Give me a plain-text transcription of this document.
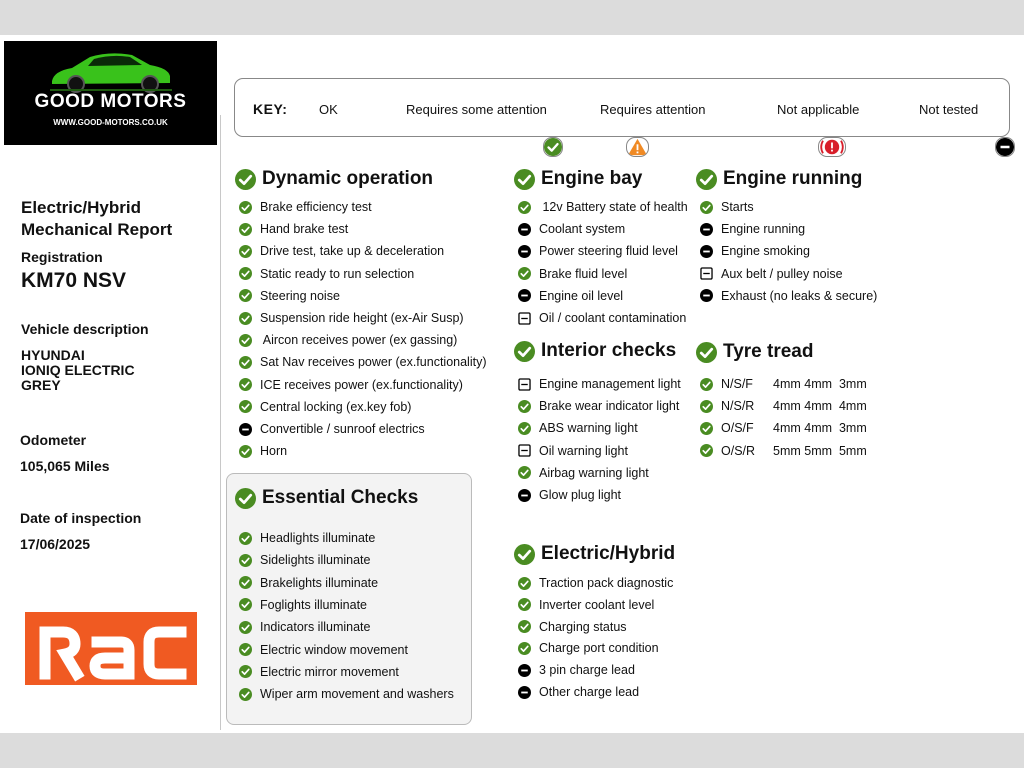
GOOD MOTORS
WWW.GOOD-MOTORS.CO.UK
Electric/Hybrid
Mechanical Report
Registration
KM70 NSV
Vehicle description
HYUNDAI
IONIQ ELECTRIC
GREY
Odometer
105,065 Miles
Date of inspection
17/06/2025
KEY: OK	Requires some attention	Requires attention	Not applicable	Not tested
Dynamic operation
Brake efficiency test
Hand brake test
Drive test, take up & deceleration
Static ready to run selection
Steering noise
Suspension ride height (ex-Air Susp)
Aircon receives power (ex gassing)
Sat Nav receives power (ex.functionality)
ICE receives power (ex.functionality)
Central locking (ex.key fob)
Convertible / sunroof electrics
Horn
Essential Checks
Headlights illuminate
Sidelights illuminate
Brakelights illuminate
Foglights illuminate
Indicators illuminate
Electric window movement
Electric mirror movement
Wiper arm movement and washers
Engine bay
12v Battery state of health
Coolant system
Power steering fluid level
Brake fluid level
Engine oil level
Oil / coolant contamination
Interior checks
Engine management light
Brake wear indicator light
ABS warning light
Oil warning light
Airbag warning light
Glow plug light
Electric/Hybrid
Traction pack diagnostic
Inverter coolant level
Charging status
Charge port condition
3 pin charge lead
Other charge lead
Engine running
Starts
Engine running
Engine smoking
Aux belt / pulley noise
Exhaust (no leaks & secure)
Tyre tread
N/S/F 4mm 4mm  3mm
N/S/R 4mm 4mm  4mm
O/S/F 4mm 4mm  3mm
O/S/R 5mm 5mm  5mm
